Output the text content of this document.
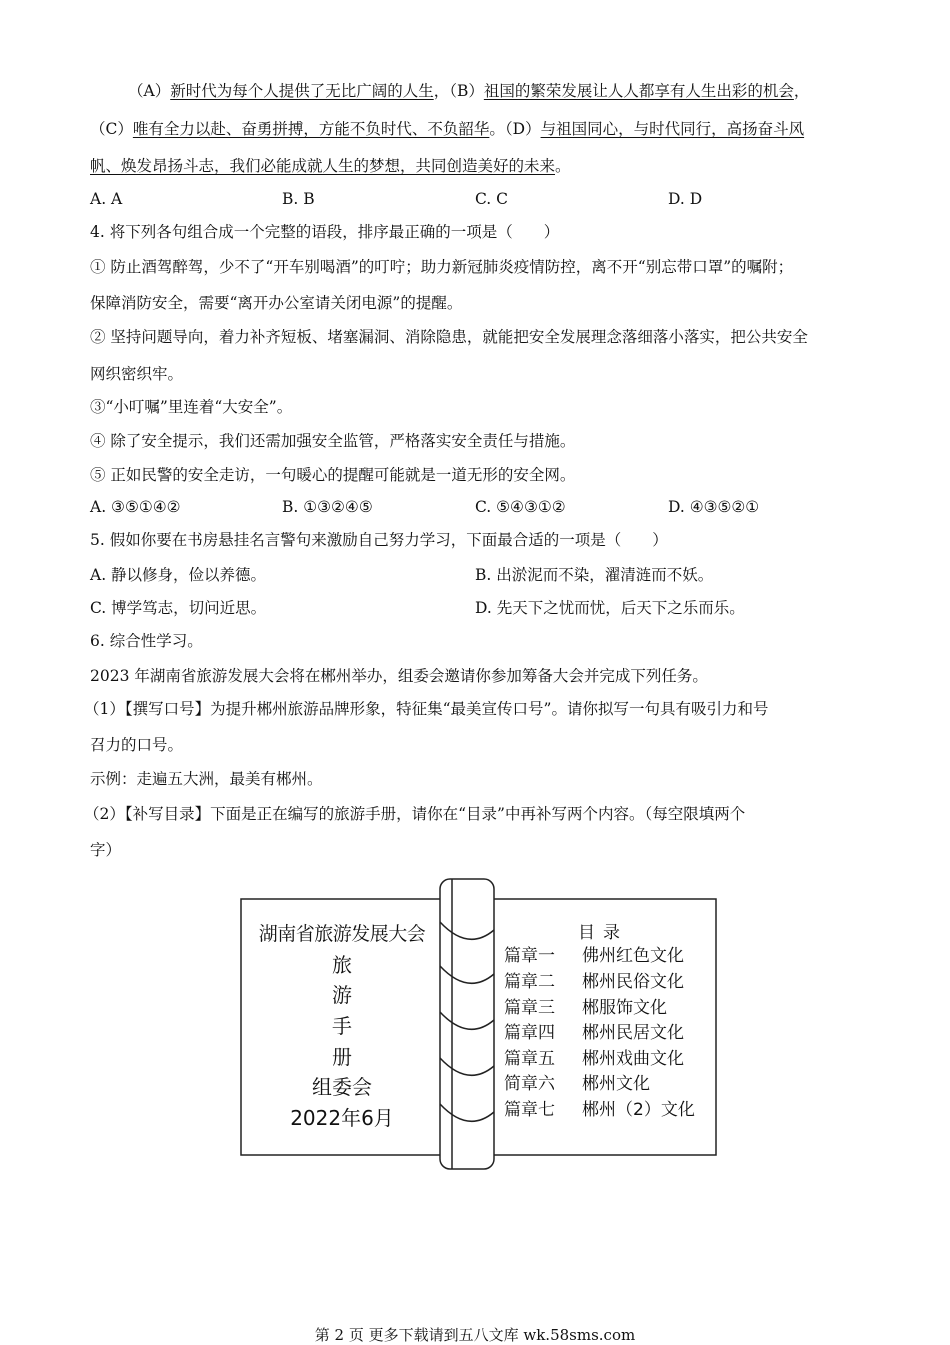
（A）新时代为每个人提供了无比广阔的人生，（B）祖国的繁荣发展让人人都享有人生出彩的机会，
（C）唯有全力以赴、奋勇拼搏，方能不负时代、不负韶华。（D）与祖国同心，与时代同行，高扬奋斗风
帆、焕发昂扬斗志，我们必能成就人生的梦想，共同创造美好的未来。
A. A	B. B	C. C	D. D
4. 将下列各句组合成一个完整的语段，排序最正确的一项是（　　）
① 防止酒驾醉驾，少不了“开车别喝酒”的叮咛；助力新冠肺炎疫情防控，离不开“别忘带口罩”的嘱附；
保障消防安全，需要“离开办公室请关闭电源”的提醒。
② 坚持问题导向，着力补齐短板、堵塞漏洞、消除隐患，就能把安全发展理念落细落小落实，把公共安全
网织密织牢。
③“小叮嘱”里连着“大安全”。
④ 除了安全提示，我们还需加强安全监管，严格落实安全责任与措施。
⑤ 正如民警的安全走访，一句暖心的提醒可能就是一道无形的安全网。
A. ③⑤①④②	B. ①③②④⑤	C. ⑤④③①②	D. ④③⑤②①
5. 假如你要在书房悬挂名言警句来激励自己努力学习，下面最合适的一项是（　　）
A. 静以修身，俭以养德。	B. 出淤泥而不染，濯清涟而不妖。
C. 博学笃志，切问近思。	D. 先天下之忧而忧，后天下之乐而乐。
6. 综合性学习。
2023 年湖南省旅游发展大会将在郴州举办，组委会邀请你参加筹备大会并完成下列任务。
（1）【撰写口号】为提升郴州旅游品牌形象，特征集“最美宣传口号”。请你拟写一句具有吸引力和号
召力的口号。
示例：走遍五大洲，最美有郴州。
（2）【补写目录】下面是正在编写的旅游手册，请你在“目录”中再补写两个内容。（每空限填两个
字）
湖南省旅游发展大会
旅
游
手
册
组委会
2022年6月
目录
篇章一 佛州红色文化
篇章二 郴州民俗文化
篇章三 郴服饰文化
篇章四 郴州民居文化
篇章五 郴州戏曲文化
简章六 郴州文化
篇章七 郴州（2）文化
第 2 页 更多下载请到五八文库 wk.58sms.com
